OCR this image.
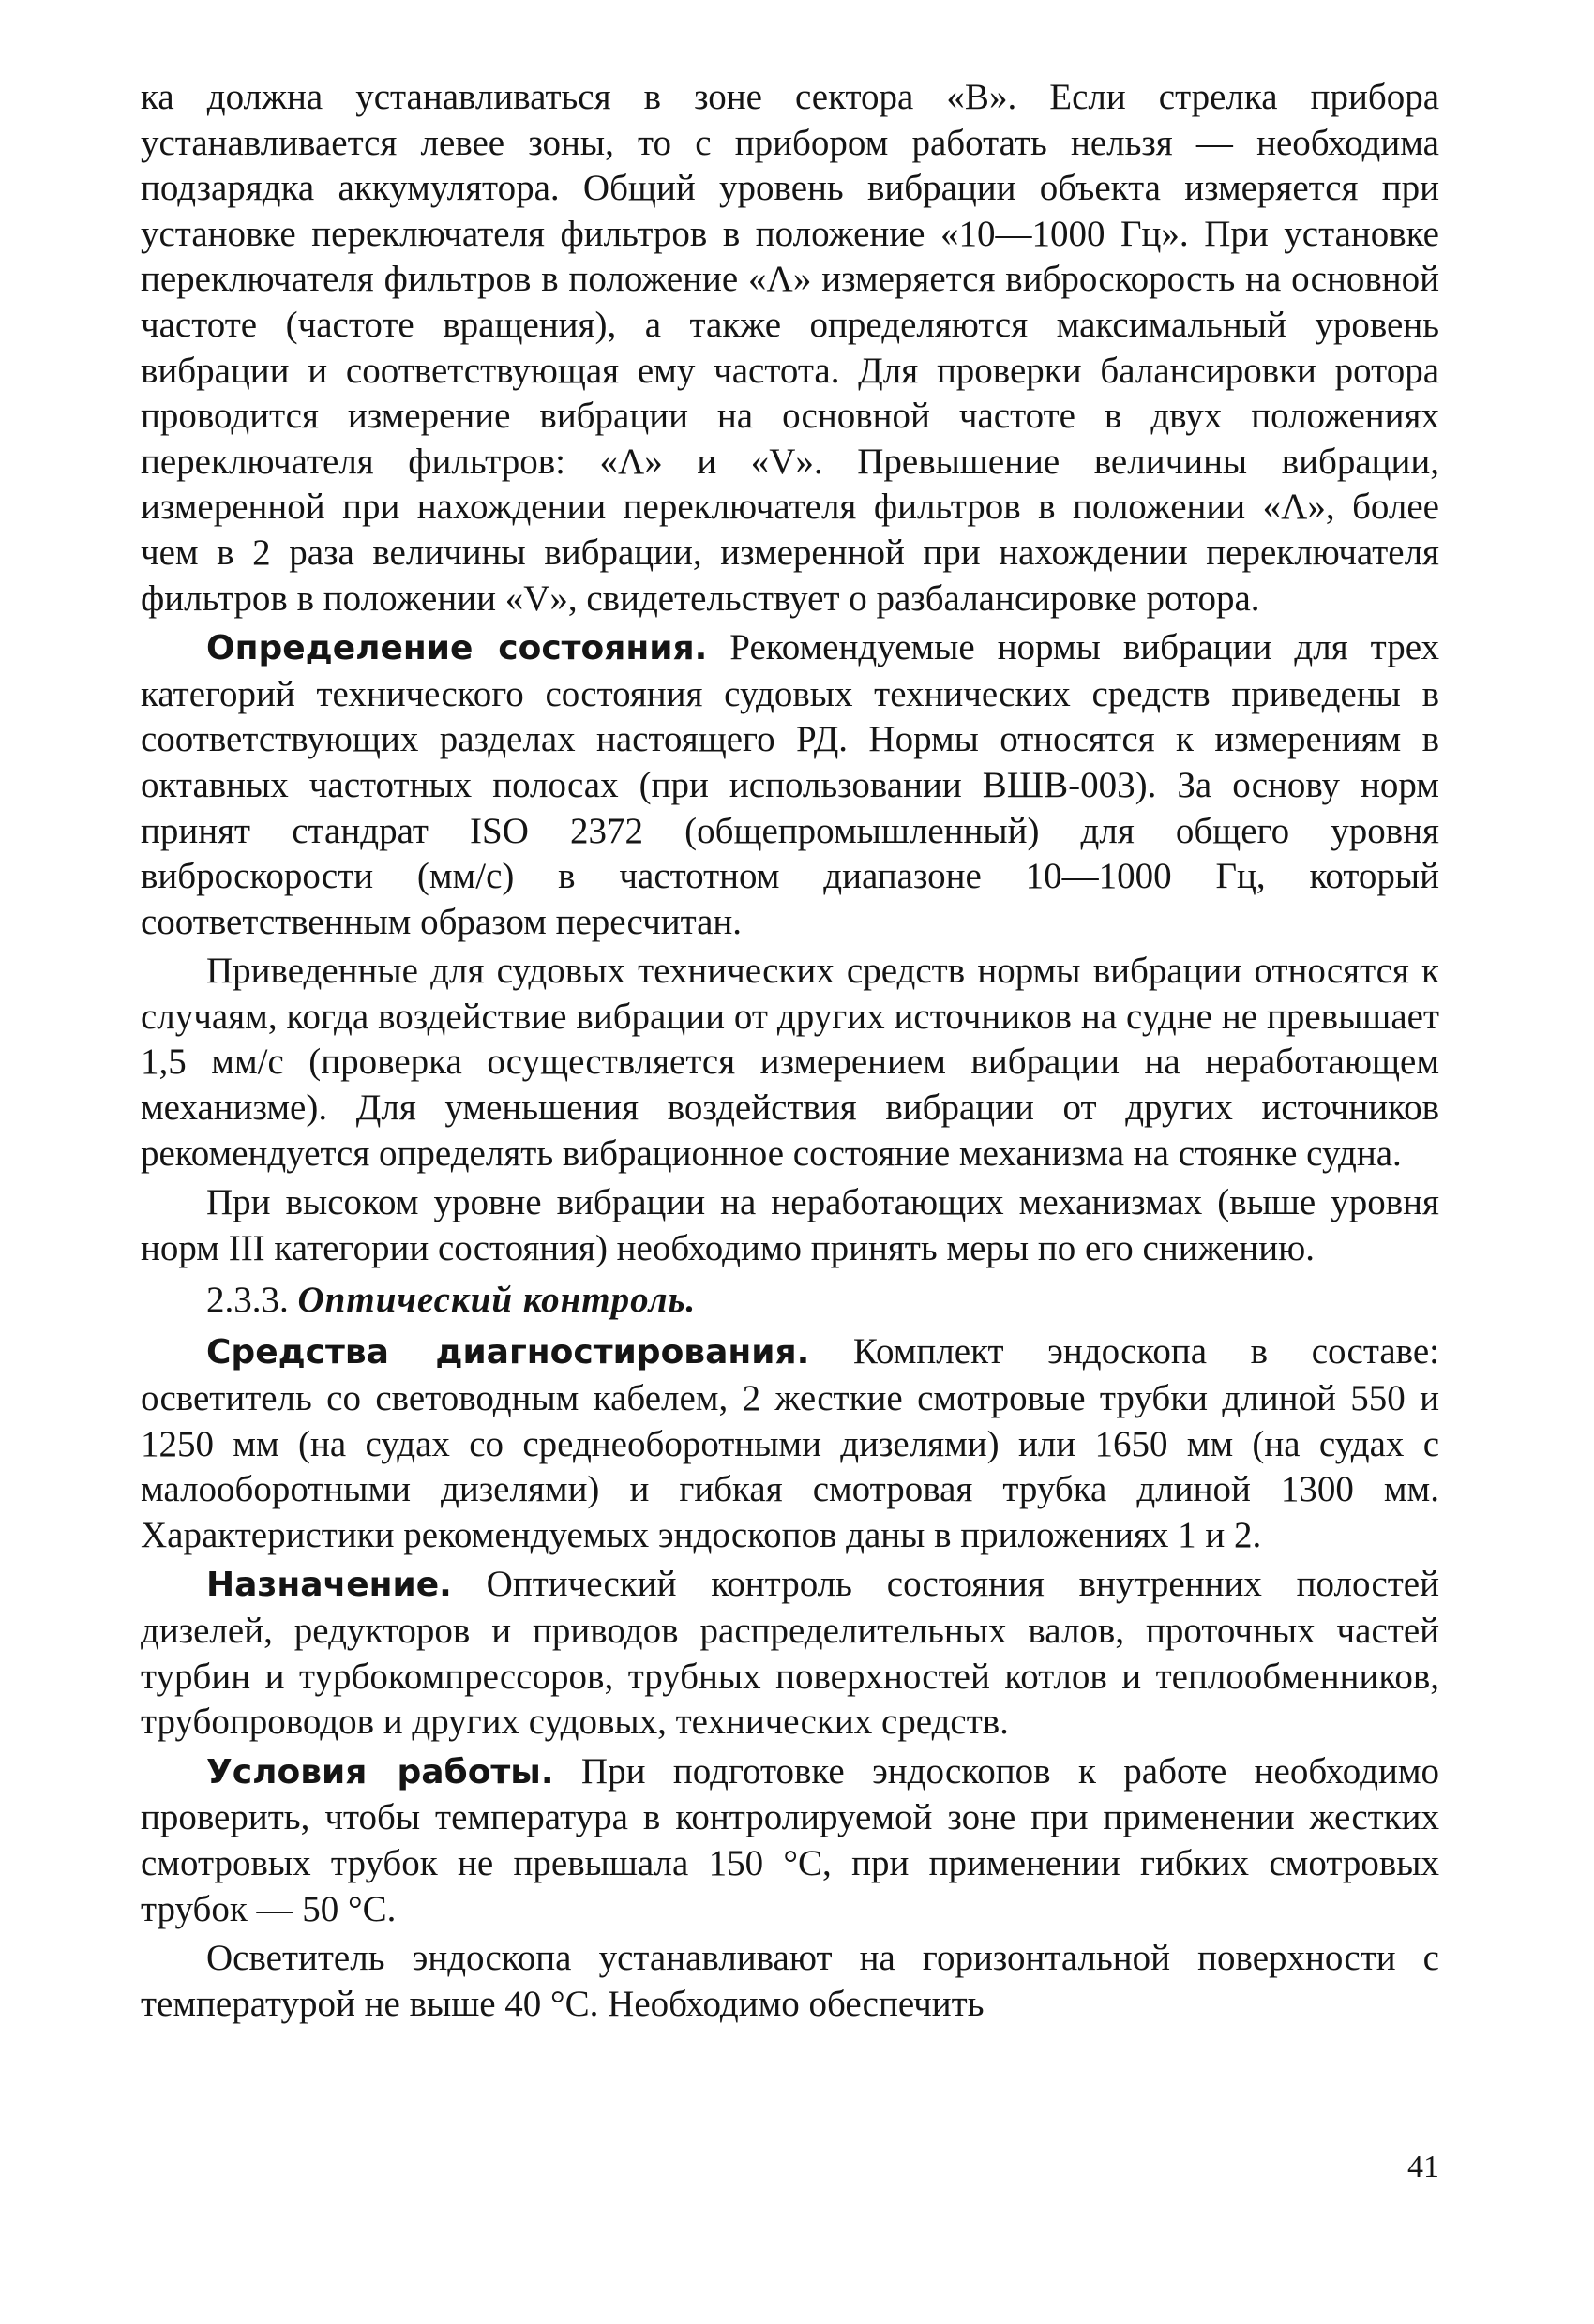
ка должна устанавливаться в зоне сектора «В». Если стрелка прибора устанавливается левее зоны, то с прибором работать нельзя — необходима подзарядка аккумулятора. Общий уровень вибрации объекта измеряется при установке переключателя фильтров в положение «10—1000 Гц». При установке переключателя фильтров в положение «Λ» измеряется виброскорость на основной частоте (частоте вращения), а также определяются максимальный уровень вибрации и соответствующая ему частота. Для проверки балансировки ротора проводится измерение вибрации на основной частоте в двух положениях переключателя фильтров: «Λ» и «V». Превышение величины вибрации, измеренной при нахождении переключателя фильтров в положении «Λ», более чем в 2 раза величины вибрации, измеренной при нахождении переключателя фильтров в положении «V», свидетельствует о разбалансировке ротора.

Определение состояния. Рекомендуемые нормы вибрации для трех категорий технического состояния судовых технических средств приведены в соответствующих разделах настоящего РД. Нормы относятся к измерениям в октавных частотных полосах (при использовании ВШВ-003). За основу норм принят стандрат ISO 2372 (общепромышленный) для общего уровня виброскорости (мм/с) в частотном диапазоне 10—1000 Гц, который соответственным образом пересчитан.

Приведенные для судовых технических средств нормы вибрации относятся к случаям, когда воздействие вибрации от других источников на судне не превышает 1,5 мм/с (проверка осуществляется измерением вибрации на неработающем механизме). Для уменьшения воздействия вибрации от других источников рекомендуется определять вибрационное состояние механизма на стоянке судна.

При высоком уровне вибрации на неработающих механизмах (выше уровня норм III категории состояния) необходимо принять меры по его снижению.

2.3.3. Оптический контроль.

Средства диагностирования. Комплект эндоскопа в составе: осветитель со световодным кабелем, 2 жесткие смотровые трубки длиной 550 и 1250 мм (на судах со среднеоборотными дизелями) или 1650 мм (на судах с малооборотными дизелями) и гибкая смотровая трубка длиной 1300 мм. Характеристики рекомендуемых эндоскопов даны в приложениях 1 и 2.

Назначение. Оптический контроль состояния внутренних полостей дизелей, редукторов и приводов распределительных валов, проточных частей турбин и турбокомпрессоров, трубных поверхностей котлов и теплообменников, трубопроводов и других судовых, технических средств.

Условия работы. При подготовке эндоскопов к работе необходимо проверить, чтобы температура в контролируемой зоне при применении жестких смотровых трубок не превышала 150 °С, при применении гибких смотровых трубок — 50 °С.

Осветитель эндоскопа устанавливают на горизонтальной поверхности с температурой не выше 40 °С. Необходимо обеспечить

41
